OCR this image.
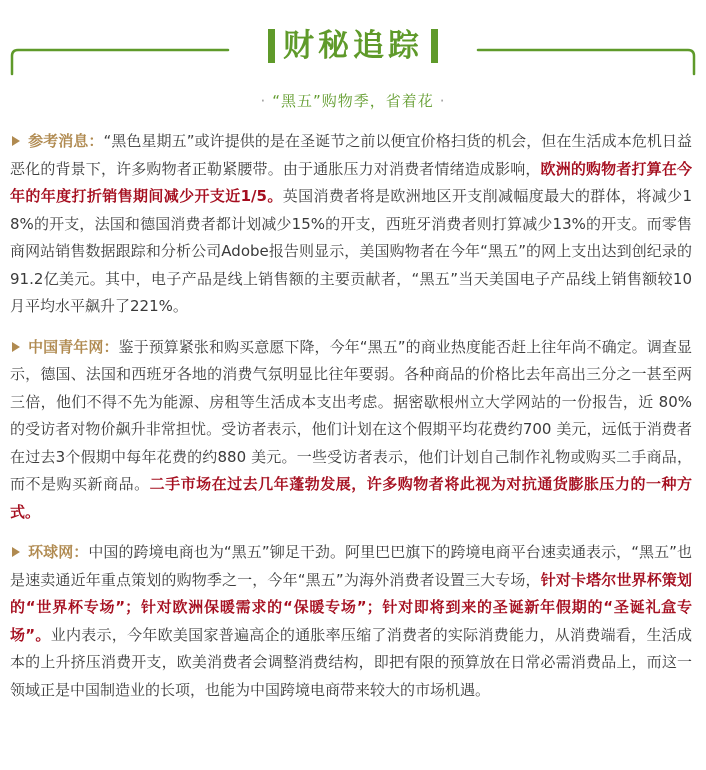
财秘追踪
· “黑五”购物季，省着花 ·

参考消息：“黑色星期五”或许提供的是在圣诞节之前以便宜价格扫货的机会，但在生活成本危机日益恶化的背景下，许多购物者正勒紧腰带。由于通胀压力对消费者情绪造成影响，欧洲的购物者打算在今年的年度打折销售期间减少开支近1/5。英国消费者将是欧洲地区开支削减幅度最大的群体，将减少18%的开支，法国和德国消费者都计划减少15%的开支，西班牙消费者则打算减少13%的开支。而零售商网站销售数据跟踪和分析公司Adobe报告则显示，美国购物者在今年“黑五”的网上支出达到创纪录的91.2亿美元。其中，电子产品是线上销售额的主要贡献者，“黑五”当天美国电子产品线上销售额较10月平均水平飙升了221%。

中国青年网：鉴于预算紧张和购买意愿下降，今年“黑五”的商业热度能否赶上往年尚不确定。调查显示，德国、法国和西班牙各地的消费气氛明显比往年要弱。各种商品的价格比去年高出三分之一甚至两三倍，他们不得不先为能源、房租等生活成本支出考虑。据密歇根州立大学网站的一份报告，近 80%的受访者对物价飙升非常担忧。受访者表示，他们计划在这个假期平均花费约700 美元，远低于消费者在过去3个假期中每年花费的约880 美元。一些受访者表示，他们计划自己制作礼物或购买二手商品，而不是购买新商品。二手市场在过去几年蓬勃发展，许多购物者将此视为对抗通货膨胀压力的一种方式。

环球网：中国的跨境电商也为“黑五”铆足干劲。阿里巴巴旗下的跨境电商平台速卖通表示，“黑五”也是速卖通近年重点策划的购物季之一，今年“黑五”为海外消费者设置三大专场，针对卡塔尔世界杯策划的“世界杯专场”；针对欧洲保暖需求的“保暖专场”；针对即将到来的圣诞新年假期的“圣诞礼盒专场”。业内表示，今年欧美国家普遍高企的通胀率压缩了消费者的实际消费能力，从消费端看，生活成本的上升挤压消费开支，欧美消费者会调整消费结构，即把有限的预算放在日常必需消费品上，而这一领域正是中国制造业的长项，也能为中国跨境电商带来较大的市场机遇。
